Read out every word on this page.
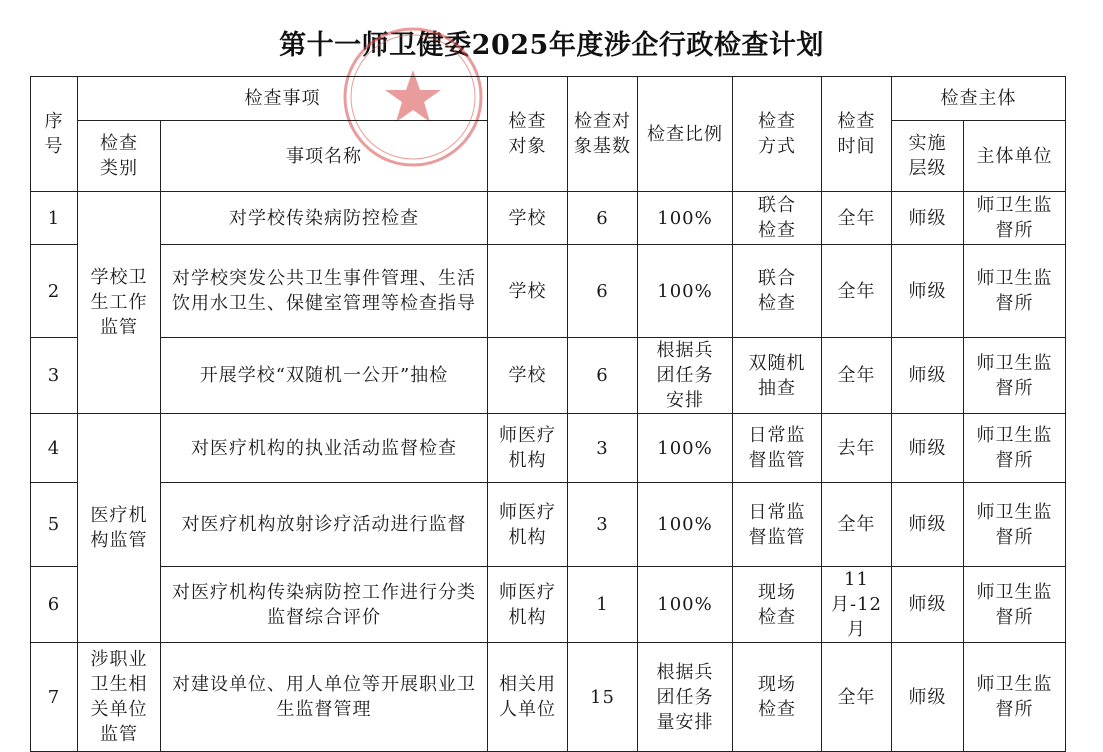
第十一师卫健委2025年度涉企行政检查计划
序号	检查事项		检查对象	检查对象基数	检查比例	检查方式	检查时间	检查主体	
	检查类别	事项名称						实施层级	主体单位
1	学校卫生工作监管	对学校传染病防控检查	学校	6	100%	联合检查	全年	师级	师卫生监督所
2		对学校突发公共卫生事件管理、生活饮用水卫生、保健室管理等检查指导	学校	6	100%	联合检查	全年	师级	师卫生监督所
3		开展学校“双随机一公开”抽检	学校	6	根据兵团任务安排	双随机抽查	全年	师级	师卫生监督所
4	医疗机构监管	对医疗机构的执业活动监督检查	师医疗机构	3	100%	日常监督监管	去年	师级	师卫生监督所
5		对医疗机构放射诊疗活动进行监督	师医疗机构	3	100%	日常监督监管	全年	师级	师卫生监督所
6		对医疗机构传染病防控工作进行分类监督综合评价	师医疗机构	1	100%	现场检查	11月-12月	师级	师卫生监督所
7	涉职业卫生相关单位监管	对建设单位、用人单位等开展职业卫生监督管理	相关用人单位	15	根据兵团任务量安排	现场检查	全年	师级	师卫生监督所
